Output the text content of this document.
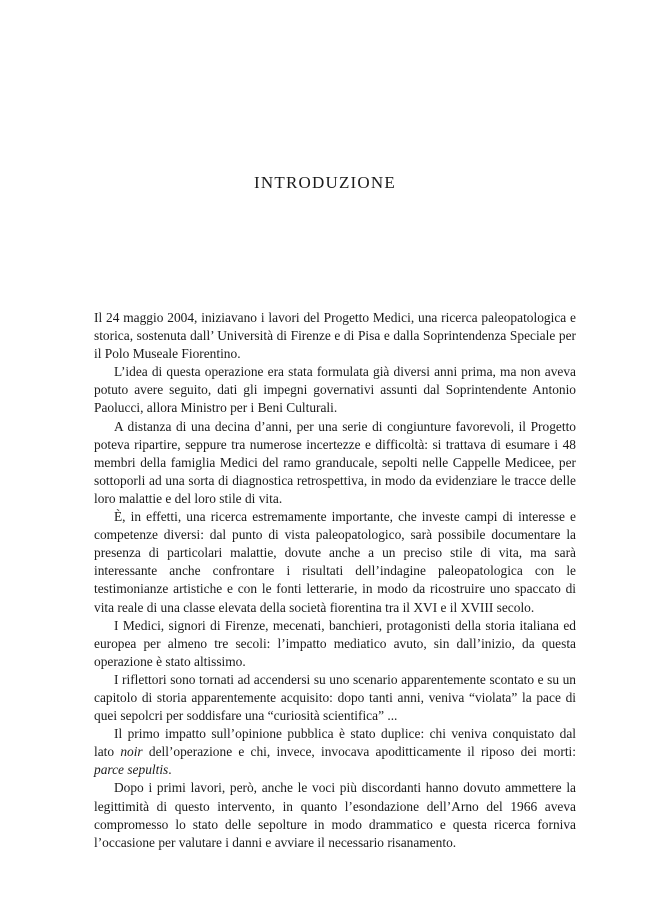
INTRODUZIONE

Il 24 maggio 2004, iniziavano i lavori del Progetto Medici, una ricerca paleopatologica e storica, sostenuta dall’ Università di Firenze e di Pisa e dalla Soprintendenza Speciale per il Polo Museale Fiorentino.

L’idea di questa operazione era stata formulata già diversi anni prima, ma non aveva potuto avere seguito, dati gli impegni governativi assunti dal Soprintendente Antonio Paolucci, allora Ministro per i Beni Culturali.

A distanza di una decina d’anni, per una serie di congiunture favorevoli, il Progetto poteva ripartire, seppure tra numerose incertezze e difficoltà: si trattava di esumare i 48 membri della famiglia Medici del ramo granducale, sepolti nelle Cappelle Medicee, per sottoporli ad una sorta di diagnostica retrospettiva, in modo da evidenziare le tracce delle loro malattie e del loro stile di vita.

È, in effetti, una ricerca estremamente importante, che investe campi di interesse e competenze diversi: dal punto di vista paleopatologico, sarà possibile documentare la presenza di particolari malattie, dovute anche a un preciso stile di vita, ma sarà interessante anche confrontare i risultati dell’indagine paleopatologica con le testimonianze artistiche e con le fonti letterarie, in modo da ricostruire uno spaccato di vita reale di una classe elevata della società fiorentina tra il XVI e il XVIII secolo.

I Medici, signori di Firenze, mecenati, banchieri, protagonisti della storia italiana ed europea per almeno tre secoli: l’impatto mediatico avuto, sin dall’inizio, da questa operazione è stato altissimo.

I riflettori sono tornati ad accendersi su uno scenario apparentemente scontato e su un capitolo di storia apparentemente acquisito: dopo tanti anni, veniva “violata” la pace di quei sepolcri per soddisfare una “curiosità scientifica” ...

Il primo impatto sull’opinione pubblica è stato duplice: chi veniva conquistato dal lato noir dell’operazione e chi, invece, invocava apoditticamente il riposo dei morti: parce sepultis.

Dopo i primi lavori, però, anche le voci più discordanti hanno dovuto ammettere la legittimità di questo intervento, in quanto l’esondazione dell’Arno del 1966 aveva compromesso lo stato delle sepolture in modo drammatico e questa ricerca forniva l’occasione per valutare i danni e avviare il necessario risanamento.
